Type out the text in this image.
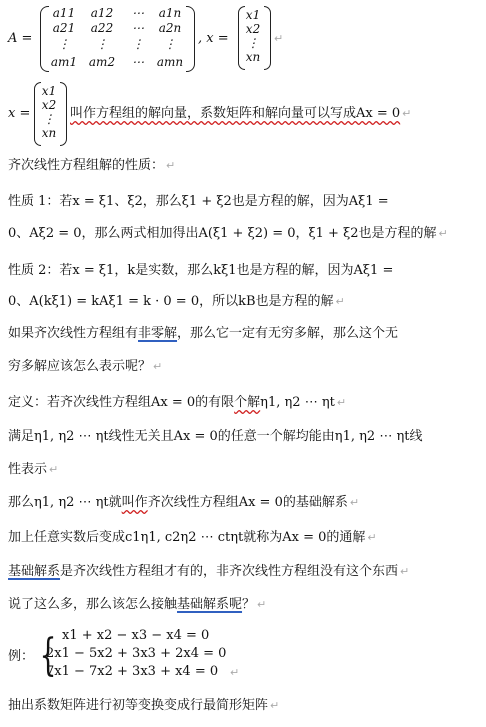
A =
a11 a12	⋯	a1n
a21 a22	⋯	a2n
⋮	⋮	⋮	⋮
am1 am2	⋯	amn
, x =
x1
x2
⋮
xn
↵
x =
x1
x2
⋮
xn
叫作方程组的解向量，系数矩阵和解向量可以写成Ax = 0 ↵
齐次线性方程组解的性质： ↵
性质 1：若x = ξ1、ξ2，那么ξ1 + ξ2也是方程的解，因为Aξ1 =
0、Aξ2 = 0，那么两式相加得出A(ξ1 + ξ2) = 0，ξ1 + ξ2也是方程的解 ↵
性质 2：若x = ξ1，k是实数，那么kξ1也是方程的解，因为Aξ1 =
0、A(kξ1) = kAξ1 = k · 0 = 0，所以kB也是方程的解 ↵
如果齐次线性方程组有非零解，那么它一定有无穷多解，那么这个无
穷多解应该怎么表示呢？ ↵
定义：若齐次线性方程组Ax = 0的有限个解η1, η2 ⋯ ηt ↵
满足η1, η2 ⋯ ηt线性无关且Ax = 0的任意一个解均能由η1, η2 ⋯ ηt线
性表示 ↵
那么η1, η2 ⋯ ηt就叫作齐次线性方程组Ax = 0的基础解系 ↵
加上任意实数后变成c1η1, c2η2 ⋯ ctηt就称为Ax = 0的通解 ↵
基础解系是齐次线性方程组才有的，非齐次线性方程组没有这个东西 ↵
说了这么多，那么该怎么接触基础解系呢？ ↵
例： { x1 + x2 − x3 − x4 = 0
2x1 − 5x2 + 3x3 + 2x4 = 0
7x1 − 7x2 + 3x3 + x4 = 0 ↵
抽出系数矩阵进行初等变换变成行最简形矩阵 ↵
